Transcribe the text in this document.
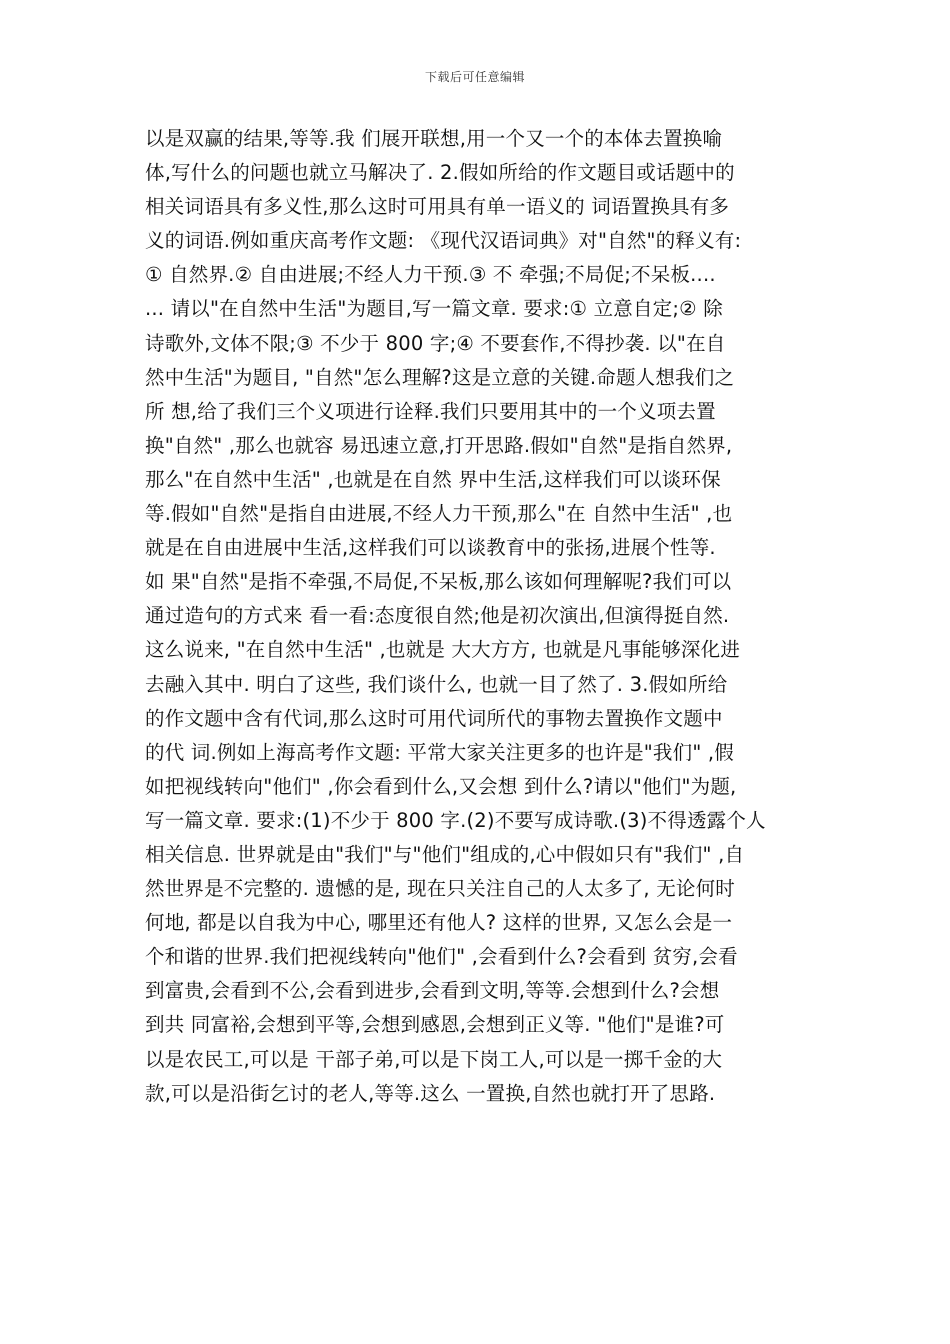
下载后可任意编辑
以是双赢的结果,等等.我 们展开联想,用一个又一个的本体去置换喻
体,写什么的问题也就立马解决了. 2.假如所给的作文题目或话题中的
相关词语具有多义性,那么这时可用具有单一语义的 词语置换具有多
义的词语.例如重庆高考作文题: 《现代汉语词典》对"自然"的释义有:
① 自然界.② 自由进展;不经人力干预.③ 不 牵强;不局促;不呆板....
... 请以"在自然中生活"为题目,写一篇文章. 要求:① 立意自定;② 除
诗歌外,文体不限;③ 不少于 800 字;④ 不要套作,不得抄袭. 以"在自
然中生活"为题目, "自然"怎么理解?这是立意的关键.命题人想我们之
所 想,给了我们三个义项进行诠释.我们只要用其中的一个义项去置
换"自然" ,那么也就容 易迅速立意,打开思路.假如"自然"是指自然界,
那么"在自然中生活" ,也就是在自然 界中生活,这样我们可以谈环保
等.假如"自然"是指自由进展,不经人力干预,那么"在 自然中生活" ,也
就是在自由进展中生活,这样我们可以谈教育中的张扬,进展个性等.
如 果"自然"是指不牵强,不局促,不呆板,那么该如何理解呢?我们可以
通过造句的方式来 看一看:态度很自然;他是初次演出,但演得挺自然.
这么说来, "在自然中生活" ,也就是 大大方方, 也就是凡事能够深化进
去融入其中. 明白了这些, 我们谈什么, 也就一目了然了. 3.假如所给
的作文题中含有代词,那么这时可用代词所代的事物去置换作文题中
的代 词.例如上海高考作文题: 平常大家关注更多的也许是"我们" ,假
如把视线转向"他们" ,你会看到什么,又会想 到什么?请以"他们"为题,
写一篇文章. 要求:(1)不少于 800 字.(2)不要写成诗歌.(3)不得透露个人
相关信息. 世界就是由"我们"与"他们"组成的,心中假如只有"我们" ,自
然世界是不完整的. 遗憾的是, 现在只关注自己的人太多了, 无论何时
何地, 都是以自我为中心, 哪里还有他人? 这样的世界, 又怎么会是一
个和谐的世界.我们把视线转向"他们" ,会看到什么?会看到 贫穷,会看
到富贵,会看到不公,会看到进步,会看到文明,等等.会想到什么?会想
到共 同富裕,会想到平等,会想到感恩,会想到正义等. "他们"是谁?可
以是农民工,可以是 干部子弟,可以是下岗工人,可以是一掷千金的大
款,可以是沿街乞讨的老人,等等.这么 一置换,自然也就打开了思路.
